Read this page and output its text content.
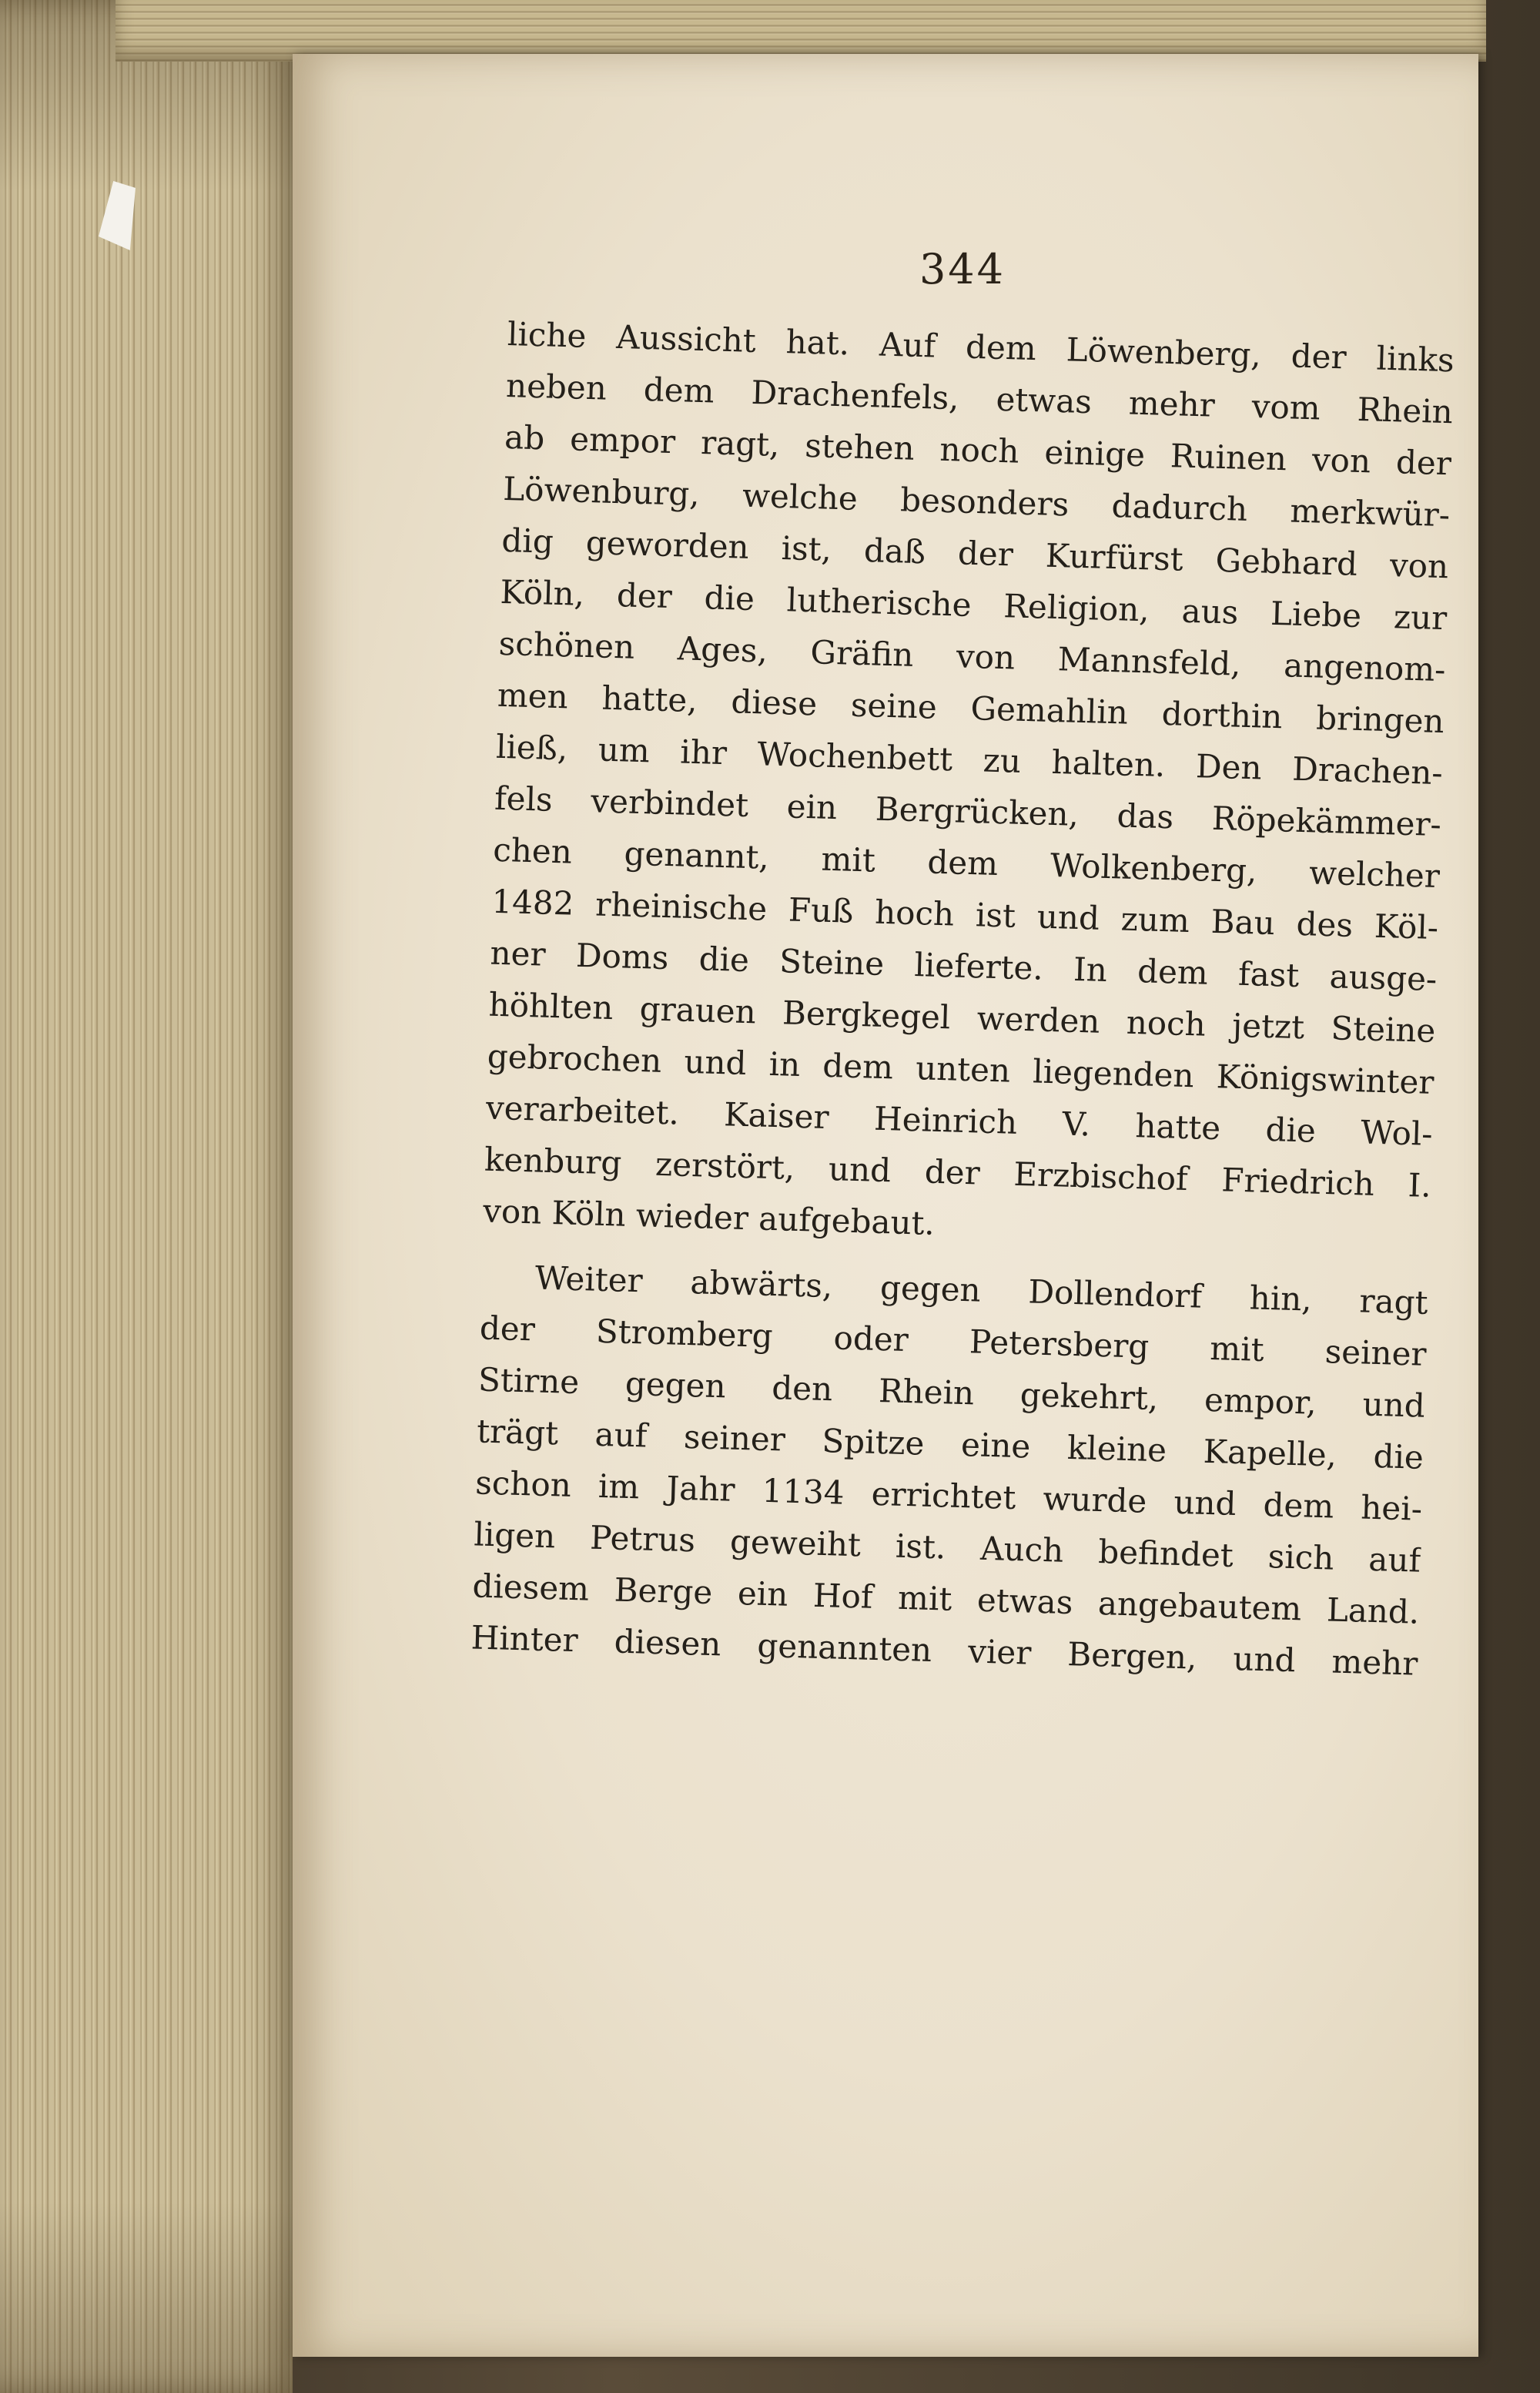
344
liche Aussicht hat. Auf dem Löwenberg, der links
neben dem Drachenfels, etwas mehr vom Rhein
ab empor ragt, stehen noch einige Ruinen von der
Löwenburg, welche besonders dadurch merkwür-
dig geworden ist, daß der Kurfürst Gebhard von
Köln, der die lutherische Religion, aus Liebe zur
schönen Ages, Gräfin von Mannsfeld, angenom-
men hatte, diese seine Gemahlin dorthin bringen
ließ, um ihr Wochenbett zu halten. Den Drachen-
fels verbindet ein Bergrücken, das Röpekämmer-
chen genannt, mit dem Wolkenberg, welcher
1482 rheinische Fuß hoch ist und zum Bau des Köl-
ner Doms die Steine lieferte. In dem fast ausge-
höhlten grauen Bergkegel werden noch jetzt Steine
gebrochen und in dem unten liegenden Königswinter
verarbeitet. Kaiser Heinrich V. hatte die Wol-
kenburg zerstört, und der Erzbischof Friedrich I.
von Köln wieder aufgebaut.
Weiter abwärts, gegen Dollendorf hin, ragt
der Stromberg oder Petersberg mit seiner
Stirne gegen den Rhein gekehrt, empor, und
trägt auf seiner Spitze eine kleine Kapelle, die
schon im Jahr 1134 errichtet wurde und dem hei-
ligen Petrus geweiht ist. Auch befindet sich auf
diesem Berge ein Hof mit etwas angebautem Land.
Hinter diesen genannten vier Bergen, und mehr
